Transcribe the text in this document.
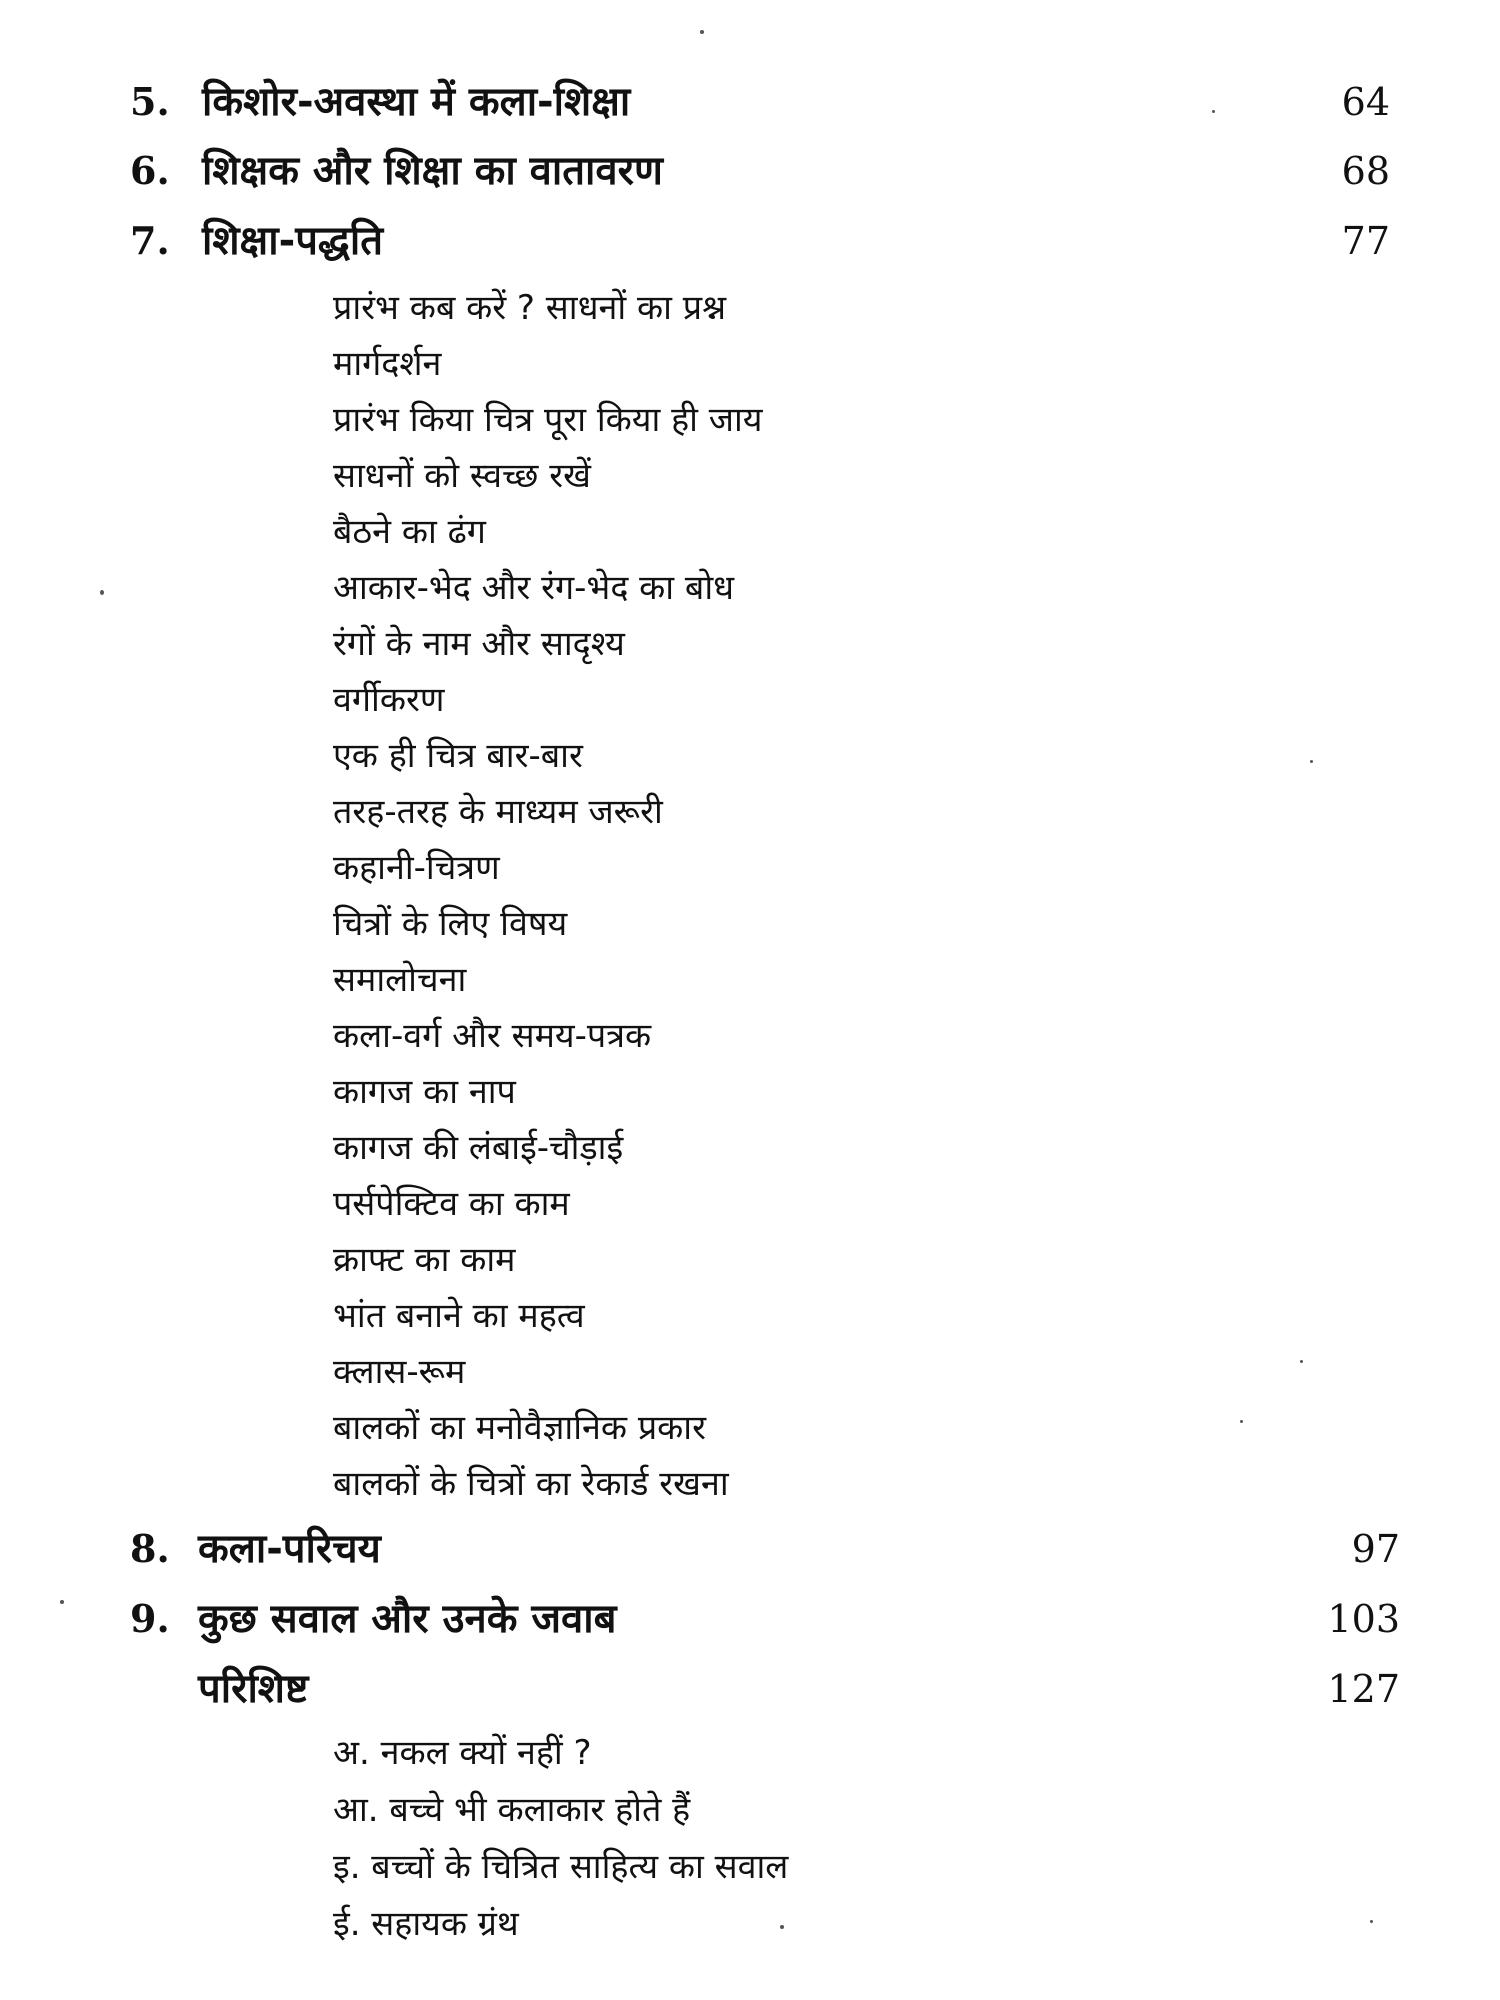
5. किशोर-अवस्था में कला-शिक्षा	64
6. शिक्षक और शिक्षा का वातावरण	68
7. शिक्षा-पद्धति	77
प्रारंभ कब करें ? साधनों का प्रश्न
मार्गदर्शन
प्रारंभ किया चित्र पूरा किया ही जाय
साधनों को स्वच्छ रखें
बैठने का ढंग
आकार-भेद और रंग-भेद का बोध
रंगों के नाम और सादृश्य
वर्गीकरण
एक ही चित्र बार-बार
तरह-तरह के माध्यम जरूरी
कहानी-चित्रण
चित्रों के लिए विषय
समालोचना
कला-वर्ग और समय-पत्रक
कागज का नाप
कागज की लंबाई-चौड़ाई
पर्सपेक्टिव का काम
क्राफ्ट का काम
भांत बनाने का महत्व
क्लास-रूम
बालकों का मनोवैज्ञानिक प्रकार
बालकों के चित्रों का रेकार्ड रखना
8. कला-परिचय	97
9. कुछ सवाल और उनके जवाब	103
परिशिष्ट	127
अ. नकल क्यों नहीं ?
आ. बच्चे भी कलाकार होते हैं
इ. बच्चों के चित्रित साहित्य का सवाल
ई. सहायक ग्रंथ
